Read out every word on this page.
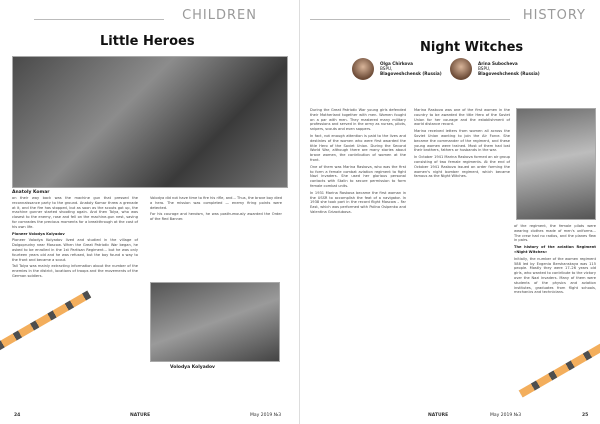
CHILDREN
Little Heroes
Anatoly Komar

on their way back was the machine gun that pressed the reconnaissance party to the ground. Anatoly Komar threw a grenade at it, and the fire has stopped, but as soon as the scouts got up, the machine gunner started shooting again. And then Tolya, who was closest to the enemy, rose and fell on the machine-gun nest, saving for comrades the precious moments for a breakthrough at the cost of his own life.

Pioneer Volodya Kolyadov

Pioneer Volodya Kolyadov lived and studied in the village of Dolgoprudny near Moscow. When the Great Patriotic War began, he asked to be enrolled in the 1st Partisan Regiment... but he was only fourteen years old and he was refused, but the boy found a way to the front and became a scout.

Tall Tolya was mainly extracting information about the number of the enemies in the district, locations of troops and the movements of the German soldiers.

Volodya did not have time to fire his rifle, and... Thus, the brave boy died a hero. The mission was completed — enemy firing points were detected.

For his courage and heroism, he was posthumously awarded the Order of the Red Banner.

Volodya Kolyadov
24	NATURE	May 2019 №3
HISTORY
Night Witches
Olga Chirkova
BSPU,

Blagoveshchensk (Russia)
Arina Subocheva
BSPU,

Blagoveshchensk (Russia)

During the Great Patriotic War young girls defended their Motherland together with men. Women fought on a par with men. They mastered many military professions and served in the army as nurses, pilots, snipers, scouts and even sappers.

In fact, not enough attention is paid to the lives and destinies of the women who were first awarded the title Hero of the Soviet Union. During the Second World War, although there are many stories about brave women, the contribution of women at the front.

One of them was Marina Raskova, who was the first to form a female combat aviation regiment to fight Nazi invaders. She used her glorious personal contacts with Stalin to secure permission to form female combat units.

In 1931 Marina Raskova became the first woman in the USSR to accomplish the feat of a navigator. In 1938 she took part in the record flight Moscow – Far East, which was performed with Polina Osipenko and Valentina Grizodubova.

Marina Raskova was one of the first women in the country to be awarded the title Hero of the Soviet Union for her courage and the establishment of world distance record.

Marina received letters from women all across the Soviet Union wanting to join the Air Force. She became the commander of the regiment, and these young women were trained. Most of them had lost their brothers, fathers or husbands in the war.

In October 1941 Marina Raskova formed an air group consisting of two female regiments. At the end of October 1941 Raskova issued an order forming the women's night bomber regiment, which became famous as the Night Witches.

of the regiment, the female pilots were wearing clothes made of men's uniforms... The crew had no radios, and the planes flew in pairs.

The history of the aviation Regiment «Night Witches»

Initially, the number of the women regiment 588 led by Evgenia Bershanskaya was 115 people. Mostly they were 17–26 years old girls, who wanted to contribute to the victory over the Nazi invaders. Many of them were students of the physics and aviation institutes, graduates from flight schools, mechanics and technicians.

NATURE	May 2019 №3	25
